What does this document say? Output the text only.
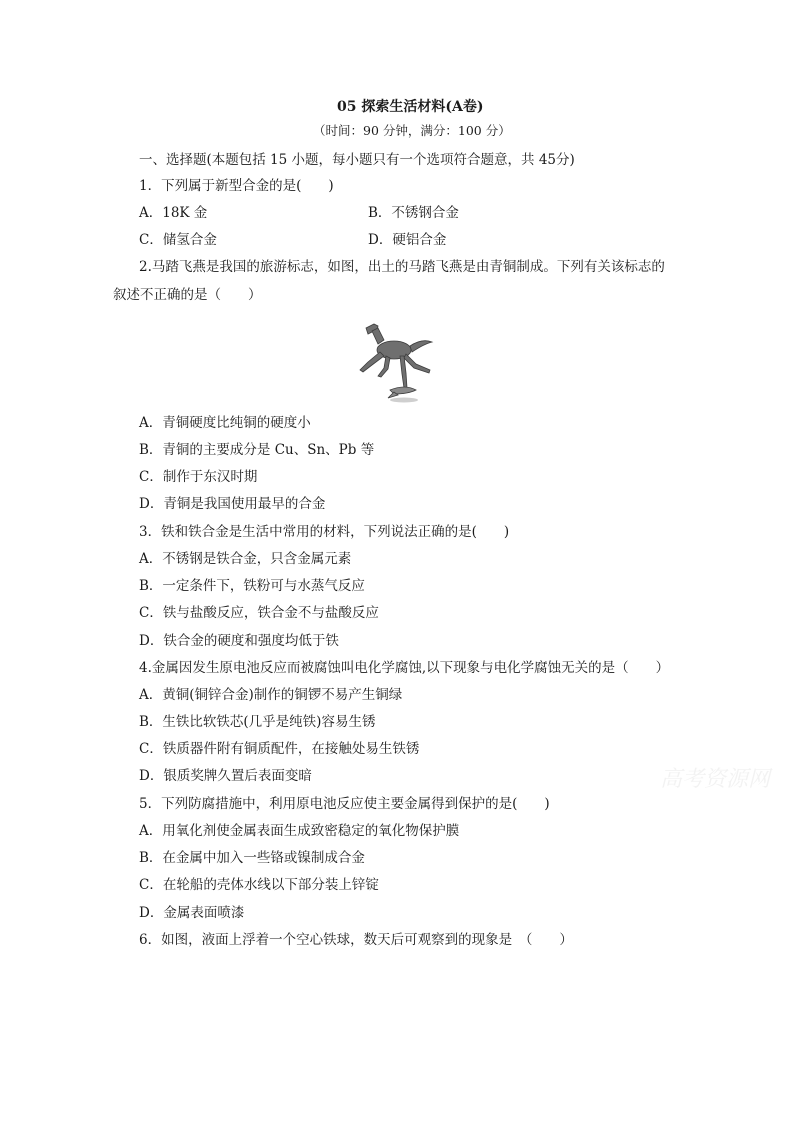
05 探索生活材料(A卷)
（时间：90 分钟，满分：100 分）
一、选择题(本题包括 15 小题，每小题只有一个选项符合题意，共 45分)
1．下列属于新型合金的是(　　)
A．18K 金	B．不锈钢合金
C．储氢合金	D．硬铝合金
2.马踏飞燕是我国的旅游标志，如图，出土的马踏飞燕是由青铜制成。下列有关该标志的
叙述不正确的是（　　）
A．青铜硬度比纯铜的硬度小
B．青铜的主要成分是 Cu、Sn、Pb 等
C．制作于东汉时期
D．青铜是我国使用最早的合金
3．铁和铁合金是生活中常用的材料，下列说法正确的是(　　)
A．不锈钢是铁合金，只含金属元素
B．一定条件下，铁粉可与水蒸气反应
C．铁与盐酸反应，铁合金不与盐酸反应
D．铁合金的硬度和强度均低于铁
4.金属因发生原电池反应而被腐蚀叫电化学腐蚀,以下现象与电化学腐蚀无关的是（　　）
A．黄铜(铜锌合金)制作的铜锣不易产生铜绿
B．生铁比软铁芯(几乎是纯铁)容易生锈
C．铁质器件附有铜质配件，在接触处易生铁锈
D．银质奖牌久置后表面变暗	高考资源网
5．下列防腐措施中，利用原电池反应使主要金属得到保护的是(　　)
A．用氧化剂使金属表面生成致密稳定的氧化物保护膜
B．在金属中加入一些铬或镍制成合金
C．在轮船的壳体水线以下部分装上锌锭
D．金属表面喷漆
6．如图，液面上浮着一个空心铁球，数天后可观察到的现象是　（　　）
